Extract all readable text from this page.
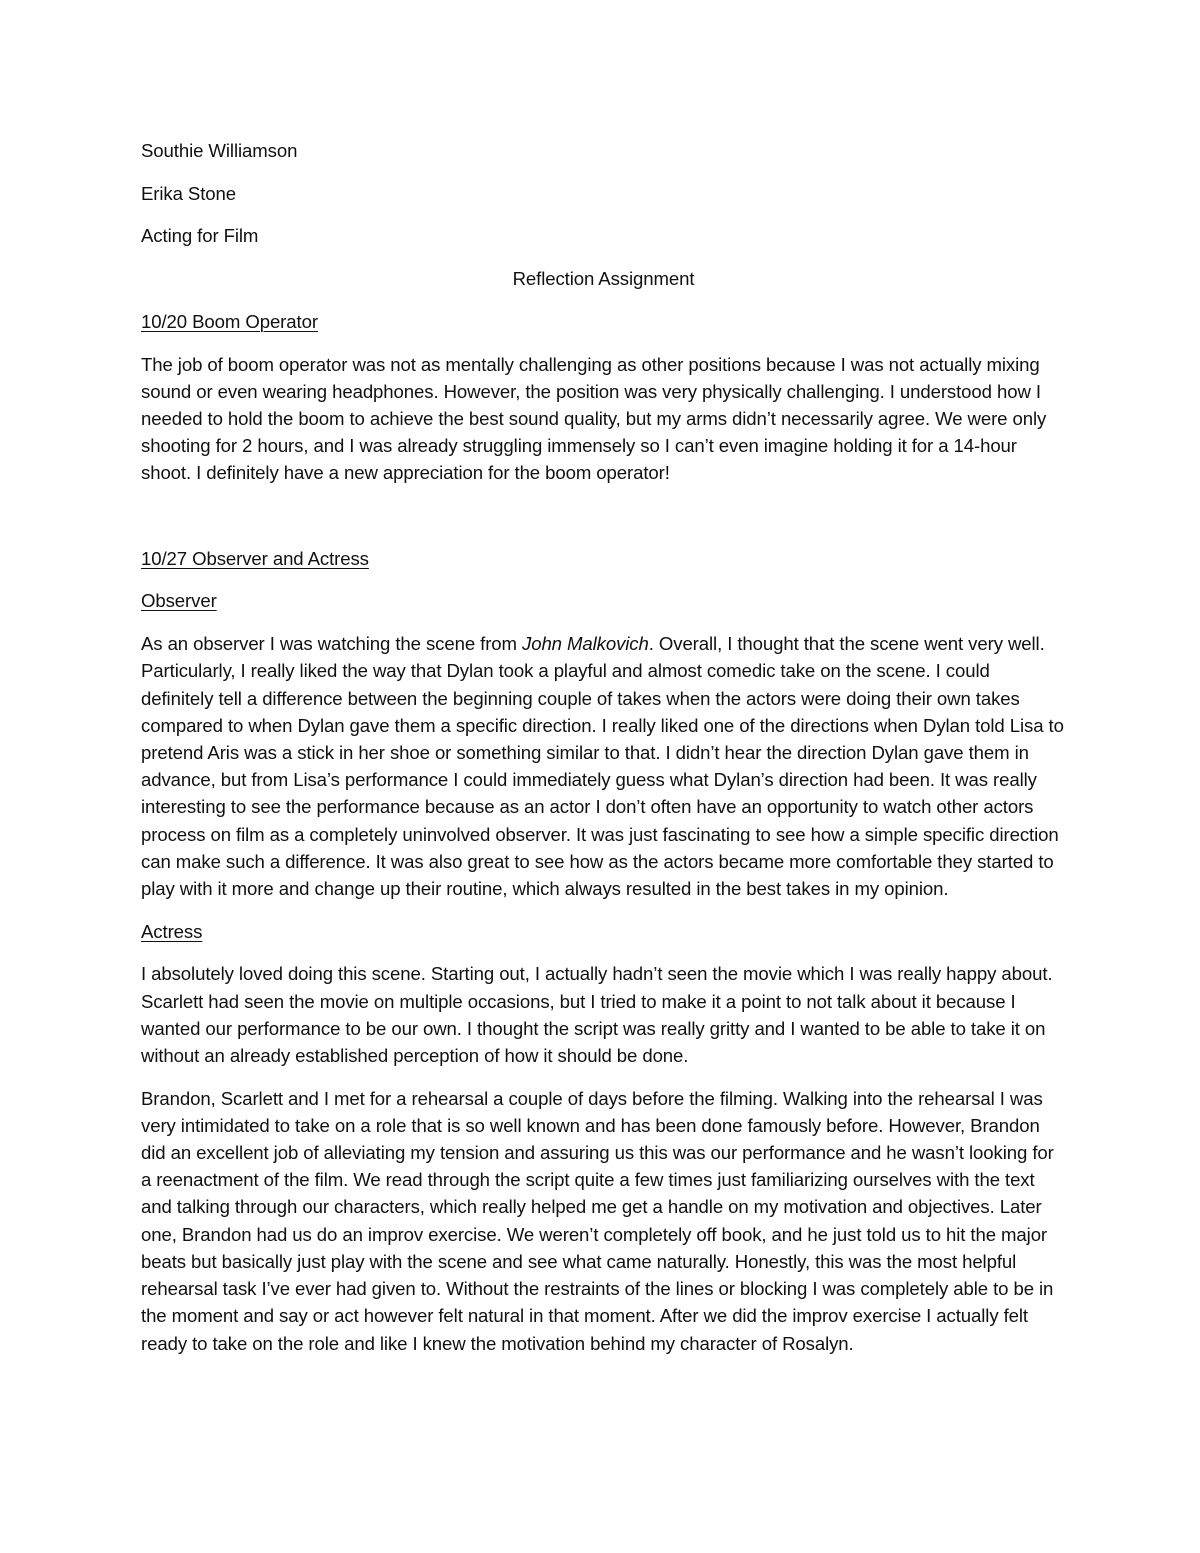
Southie Williamson
Erika Stone
Acting for Film
Reflection Assignment
10/20 Boom Operator

The job of boom operator was not as mentally challenging as other positions because I was not actually mixing sound or even wearing headphones. However, the position was very physically challenging. I understood how I needed to hold the boom to achieve the best sound quality, but my arms didn’t necessarily agree. We were only shooting for 2 hours, and I was already struggling immensely so I can’t even imagine holding it for a 14-hour shoot. I definitely have a new appreciation for the boom operator!

10/27 Observer and Actress
Observer

As an observer I was watching the scene from John Malkovich. Overall, I thought that the scene went very well. Particularly, I really liked the way that Dylan took a playful and almost comedic take on the scene. I could definitely tell a difference between the beginning couple of takes when the actors were doing their own takes compared to when Dylan gave them a specific direction. I really liked one of the directions when Dylan told Lisa to pretend Aris was a stick in her shoe or something similar to that. I didn’t hear the direction Dylan gave them in advance, but from Lisa’s performance I could immediately guess what Dylan’s direction had been. It was really interesting to see the performance because as an actor I don’t often have an opportunity to watch other actors process on film as a completely uninvolved observer. It was just fascinating to see how a simple specific direction can make such a difference. It was also great to see how as the actors became more comfortable they started to play with it more and change up their routine, which always resulted in the best takes in my opinion.

Actress

I absolutely loved doing this scene. Starting out, I actually hadn’t seen the movie which I was really happy about. Scarlett had seen the movie on multiple occasions, but I tried to make it a point to not talk about it because I wanted our performance to be our own. I thought the script was really gritty and I wanted to be able to take it on without an already established perception of how it should be done.

Brandon, Scarlett and I met for a rehearsal a couple of days before the filming. Walking into the rehearsal I was very intimidated to take on a role that is so well known and has been done famously before. However, Brandon did an excellent job of alleviating my tension and assuring us this was our performance and he wasn’t looking for a reenactment of the film. We read through the script quite a few times just familiarizing ourselves with the text and talking through our characters, which really helped me get a handle on my motivation and objectives. Later one, Brandon had us do an improv exercise. We weren’t completely off book, and he just told us to hit the major beats but basically just play with the scene and see what came naturally. Honestly, this was the most helpful rehearsal task I’ve ever had given to. Without the restraints of the lines or blocking I was completely able to be in the moment and say or act however felt natural in that moment. After we did the improv exercise I actually felt ready to take on the role and like I knew the motivation behind my character of Rosalyn.
